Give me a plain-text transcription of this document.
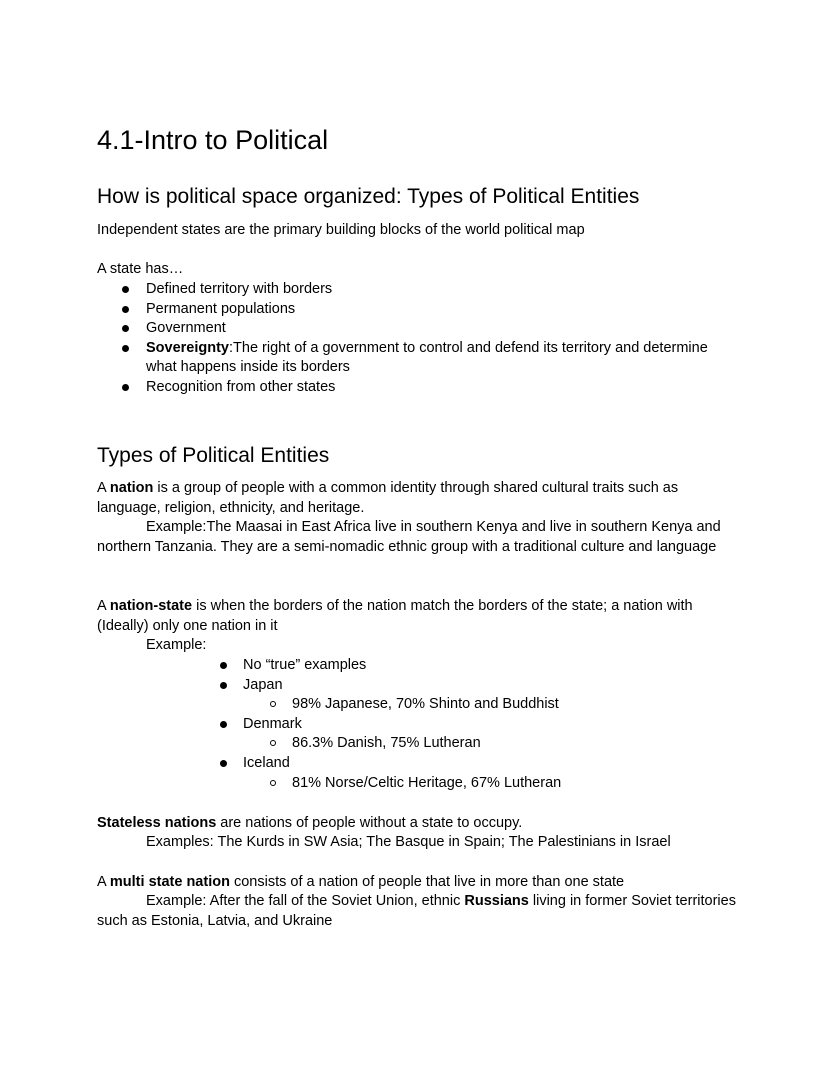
4.1-Intro to Political
How is political space organized: Types of Political Entities
Independent states are the primary building blocks of the world political map
A state has…
Defined territory with borders
Permanent populations
Government
Sovereignty:The right of a government to control and defend its territory and determine what happens inside its borders
Recognition from other states
Types of Political Entities
A nation is a group of people with a common identity through shared cultural traits such as language, religion, ethnicity, and heritage.
Example:The Maasai in East Africa live in southern Kenya and live in southern Kenya and northern Tanzania. They are a semi-nomadic ethnic group with a traditional culture and language
A nation-state is when the borders of the nation match the borders of the state; a nation with (Ideally) only one nation in it
Example:
No “true” examples
Japan
98% Japanese, 70% Shinto and Buddhist
Denmark
86.3% Danish, 75% Lutheran
Iceland
81% Norse/Celtic Heritage, 67% Lutheran
Stateless nations are nations of people without a state to occupy.
Examples: The Kurds in SW Asia; The Basque in Spain; The Palestinians in Israel
A multi state nation consists of a nation of people that live in more than one state
Example: After the fall of the Soviet Union, ethnic Russians living in former Soviet territories such as Estonia, Latvia, and Ukraine
